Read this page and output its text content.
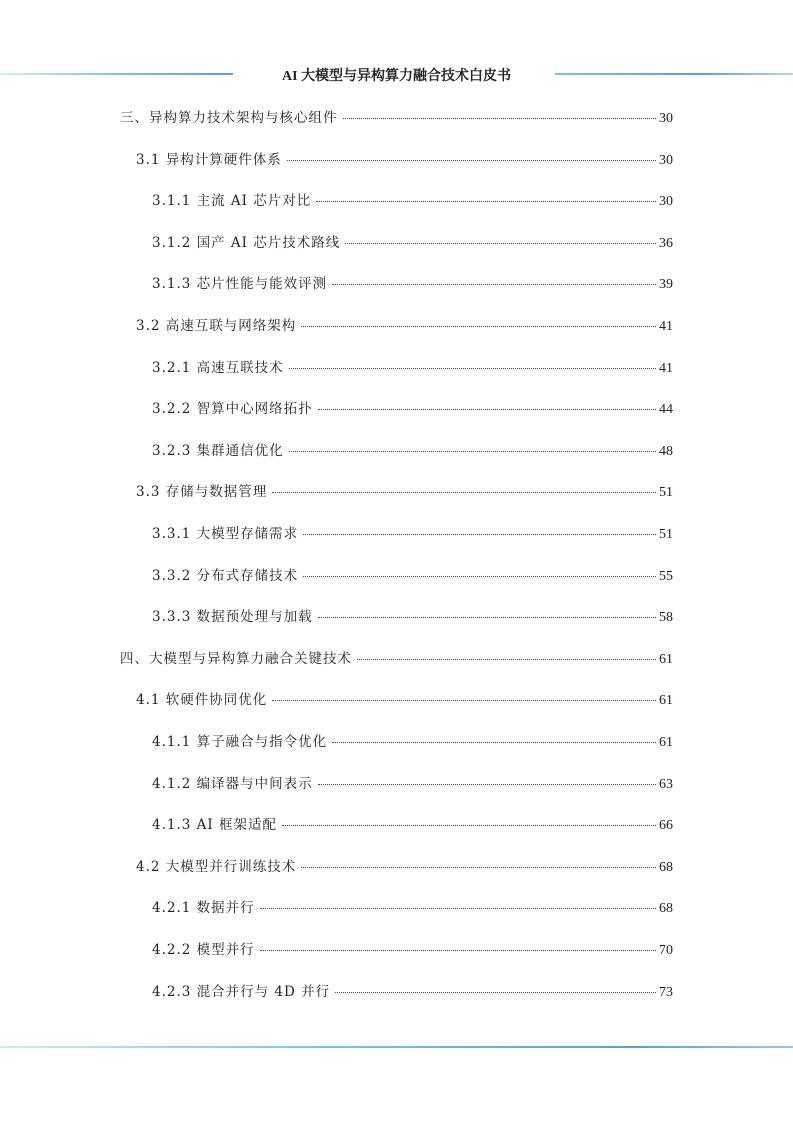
AI 大模型与异构算力融合技术白皮书
三、异构算力技术架构与核心组件	30
3.1 异构计算硬件体系	30
3.1.1 主流 AI 芯片对比	30
3.1.2 国产 AI 芯片技术路线	36
3.1.3 芯片性能与能效评测	39
3.2 高速互联与网络架构	41
3.2.1 高速互联技术	41
3.2.2 智算中心网络拓扑	44
3.2.3 集群通信优化	48
3.3 存储与数据管理	51
3.3.1 大模型存储需求	51
3.3.2 分布式存储技术	55
3.3.3 数据预处理与加载	58
四、大模型与异构算力融合关键技术	61
4.1 软硬件协同优化	61
4.1.1 算子融合与指令优化	61
4.1.2 编译器与中间表示	63
4.1.3 AI 框架适配	66
4.2 大模型并行训练技术	68
4.2.1 数据并行	68
4.2.2 模型并行	70
4.2.3 混合并行与 4D 并行	73
